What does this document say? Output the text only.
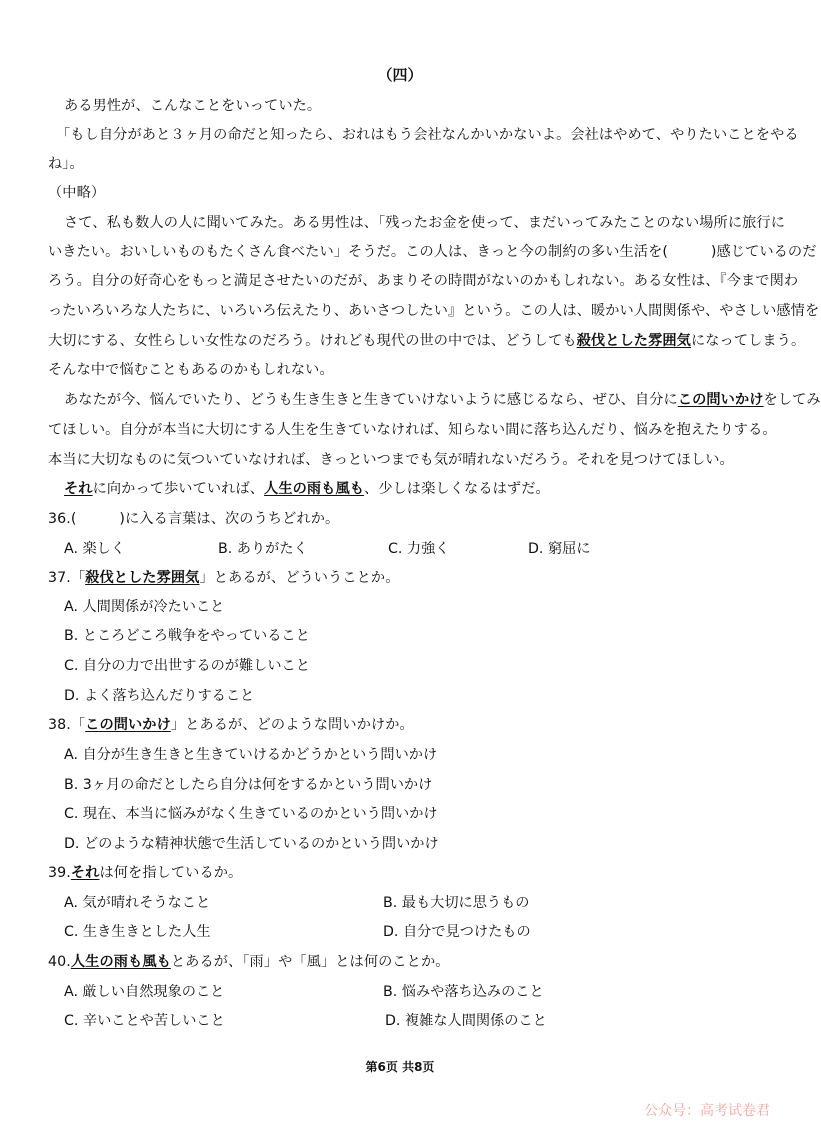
（四）
ある男性が、こんなことをいっていた。
「もし自分があと３ヶ月の命だと知ったら、おれはもう会社なんかいかないよ。会社はやめて、やりたいことをやる
ね」。
（中略）
さて、私も数人の人に聞いてみた。ある男性は、「残ったお金を使って、まだいってみたことのない場所に旅行に
いきたい。おいしいものもたくさん食べたい」そうだ。この人は、きっと今の制約の多い生活を(　　　)感じているのだ
ろう。自分の好奇心をもっと満足させたいのだが、あまりその時間がないのかもしれない。ある女性は、『今まで関わ
ったいろいろな人たちに、いろいろ伝えたり、あいさつしたい』という。この人は、暖かい人間関係や、やさしい感情を
大切にする、女性らしい女性なのだろう。けれども現代の世の中では、どうしても殺伐とした雰囲気になってしまう。
そんな中で悩むこともあるのかもしれない。
あなたが今、悩んでいたり、どうも生き生きと生きていけないように感じるなら、ぜひ、自分にこの問いかけをしてみ
てほしい。自分が本当に大切にする人生を生きていなければ、知らない間に落ち込んだり、悩みを抱えたりする。
本当に大切なものに気ついていなければ、きっといつまでも気が晴れないだろう。それを見つけてほしい。
それに向かって歩いていれば、人生の雨も風も、少しは楽しくなるはずだ。
36.(　　　)に入る言葉は、次のうちどれか。
A. 楽しく	B. ありがたく	C. 力強く	D. 窮屈に
37.「殺伐とした雰囲気」とあるが、どういうことか。
A. 人間関係が冷たいこと
B. ところどころ戦争をやっていること
C. 自分の力で出世するのが難しいこと
D. よく落ち込んだりすること
38.「この問いかけ」とあるが、どのような問いかけか。
A. 自分が生き生きと生きていけるかどうかという問いかけ
B. 3ヶ月の命だとしたら自分は何をするかという問いかけ
C. 現在、本当に悩みがなく生きているのかという問いかけ
D. どのような精神状態で生活しているのかという問いかけ
39.それは何を指しているか。
A. 気が晴れそうなこと	B. 最も大切に思うもの
C. 生き生きとした人生	D. 自分で見つけたもの
40.人生の雨も風もとあるが、「雨」や「風」とは何のことか。
A. 厳しい自然現象のこと	B. 悩みや落ち込みのこと
C. 辛いことや苦しいこと	D. 複雑な人間関係のこと
第6页 共8页
公众号：高考试卷君
